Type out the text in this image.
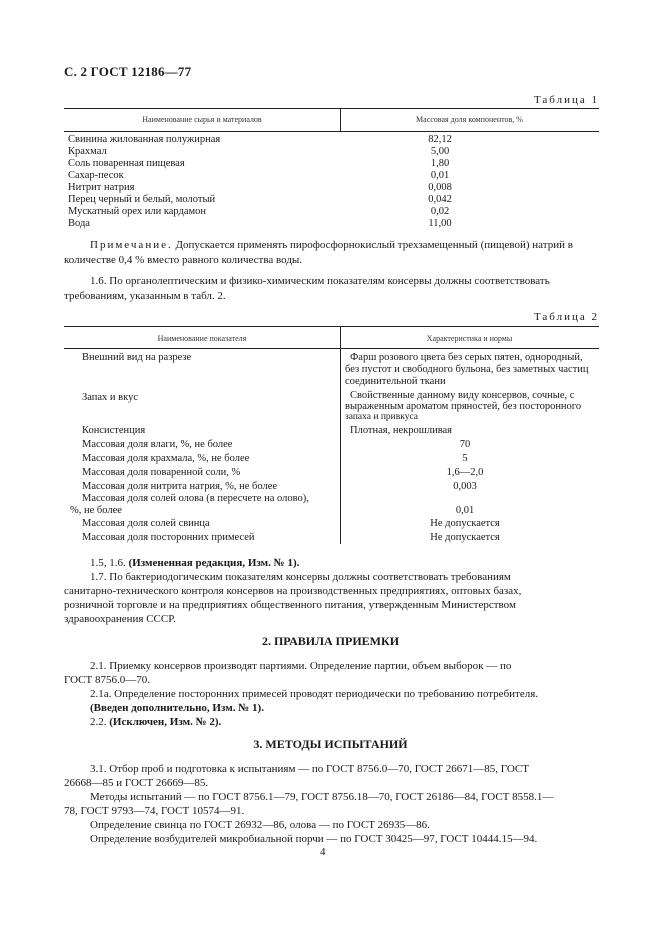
С. 2 ГОСТ 12186—77
Таблица 1
Наименование сырья и материалов	Массовая доля компонентов, %
Свинина жилованная полужирная	82,12
Крахмал	5,00
Соль поваренная пищевая	1,80
Сахар-песок	0,01
Нитрит натрия	0,008
Перец черный и белый, молотый	0,042
Мускатный орех или кардамон	0,02
Вода	11,00
Примечание. Допускается применять пирофосфорнокислый трехзамещенный (пищевой) натрий в
количестве 0,4 % вместо равного количества воды.
1.6. По органолептическим и физико-химическим показателям консервы должны соответствовать
требованиям, указанным в табл. 2.
Таблица 2
Наименование показателя	Характеристика и нормы
Внешний вид на разрезе	Фарш розового цвета без серых пятен, однородный,
без пустот и свободного бульона, без заметных частиц
соединительной ткани
Запах и вкус	Свойственные данному виду консервов, сочные, с
выраженным ароматом пряностей, без посторонного
запаха и привкуса
Консистенция	Плотная, некрошливая
Массовая доля влаги, %, не более	70
Массовая доля крахмала, %, не более	5
Массовая доля поваренной соли, %	1,6—2,0
Массовая доля нитрита натрия, %, не более	0,003
Массовая доля солей олова (в пересчете на олово),
%, не более	0,01
Массовая доля солей свинца	Не допускается
Массовая доля посторонних примесей	Не допускается
1.5, 1.6. (Измененная редакция, Изм. № 1).
1.7. По бактериодогическим показателям консервы должны соответствовать требованиям
санитарно-технического контроля консервов на производственных предприятиях, оптовых базах,
розничной торговле и на предприятиях общественного питания, утвержденным Министерством
здравоохранения СССР.
2. ПРАВИЛА ПРИЕМКИ
2.1. Приемку консервов производят партиями. Определение партии, объем выборок — по
ГОСТ 8756.0—70.
2.1а. Определение посторонних примесей проводят периодически по требованию потребителя.
(Введен дополнительно, Изм. № 1).
2.2. (Исключен, Изм. № 2).
3. МЕТОДЫ ИСПЫТАНИЙ
3.1. Отбор проб и подготовка к испытаниям — по ГОСТ 8756.0—70, ГОСТ 26671—85, ГОСТ
26668—85 и ГОСТ 26669—85.
Методы испытаний — по ГОСТ 8756.1—79, ГОСТ 8756.18—70, ГОСТ 26186—84, ГОСТ 8558.1—
78, ГОСТ 9793—74, ГОСТ 10574—91.
Определение свинца по ГОСТ 26932—86, олова — по ГОСТ 26935—86.
Определение возбудителей микробиальной порчи — по ГОСТ 30425—97, ГОСТ 10444.15—94.
4
